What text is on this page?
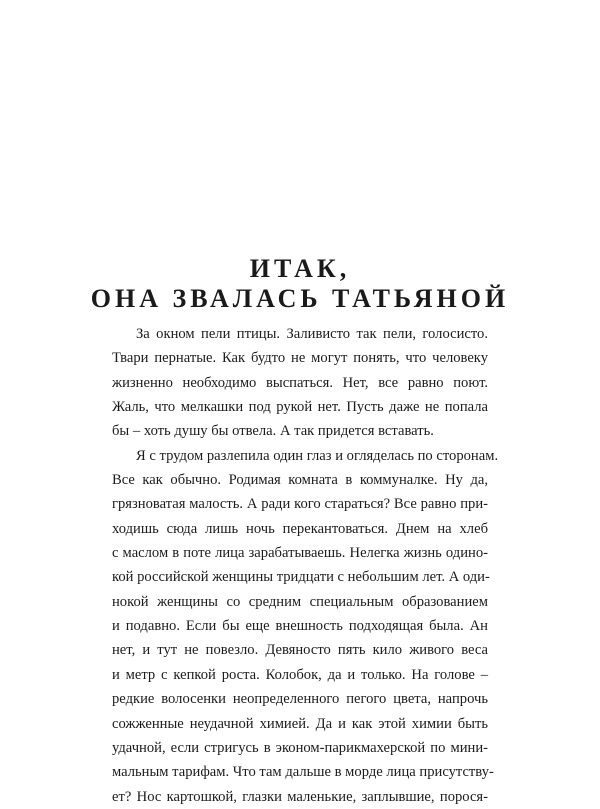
ИТАК,
ОНА ЗВАЛАСЬ ТАТЬЯНОЙ
За окном пели птицы. Заливисто так пели, голосисто.
Твари пернатые. Как будто не могут понять, что человеку
жизненно необходимо выспаться. Нет, все равно поют.
Жаль, что мелкашки под рукой нет. Пусть даже не попала
бы – хоть душу бы отвела. А так придется вставать.
Я с трудом разлепила один глаз и огляделась по сторонам.
Все как обычно. Родимая комната в коммуналке. Ну да,
грязноватая малость. А ради кого стараться? Все равно при-
ходишь сюда лишь ночь перекантоваться. Днем на хлеб
с маслом в поте лица зарабатываешь. Нелегка жизнь одино-
кой российской женщины тридцати с небольшим лет. А оди-
нокой женщины со средним специальным образованием
и подавно. Если бы еще внешность подходящая была. Ан
нет, и тут не повезло. Девяносто пять кило живого веса
и метр с кепкой роста. Колобок, да и только. На голове –
редкие волосенки неопределенного пегого цвета, напрочь
сожженные неудачной химией. Да и как этой химии быть
удачной, если стригусь в эконом-парикмахерской по мини-
мальным тарифам. Что там дальше в морде лица присутству-
ет? Нос картошкой, глазки маленькие, заплывшие, порося-
